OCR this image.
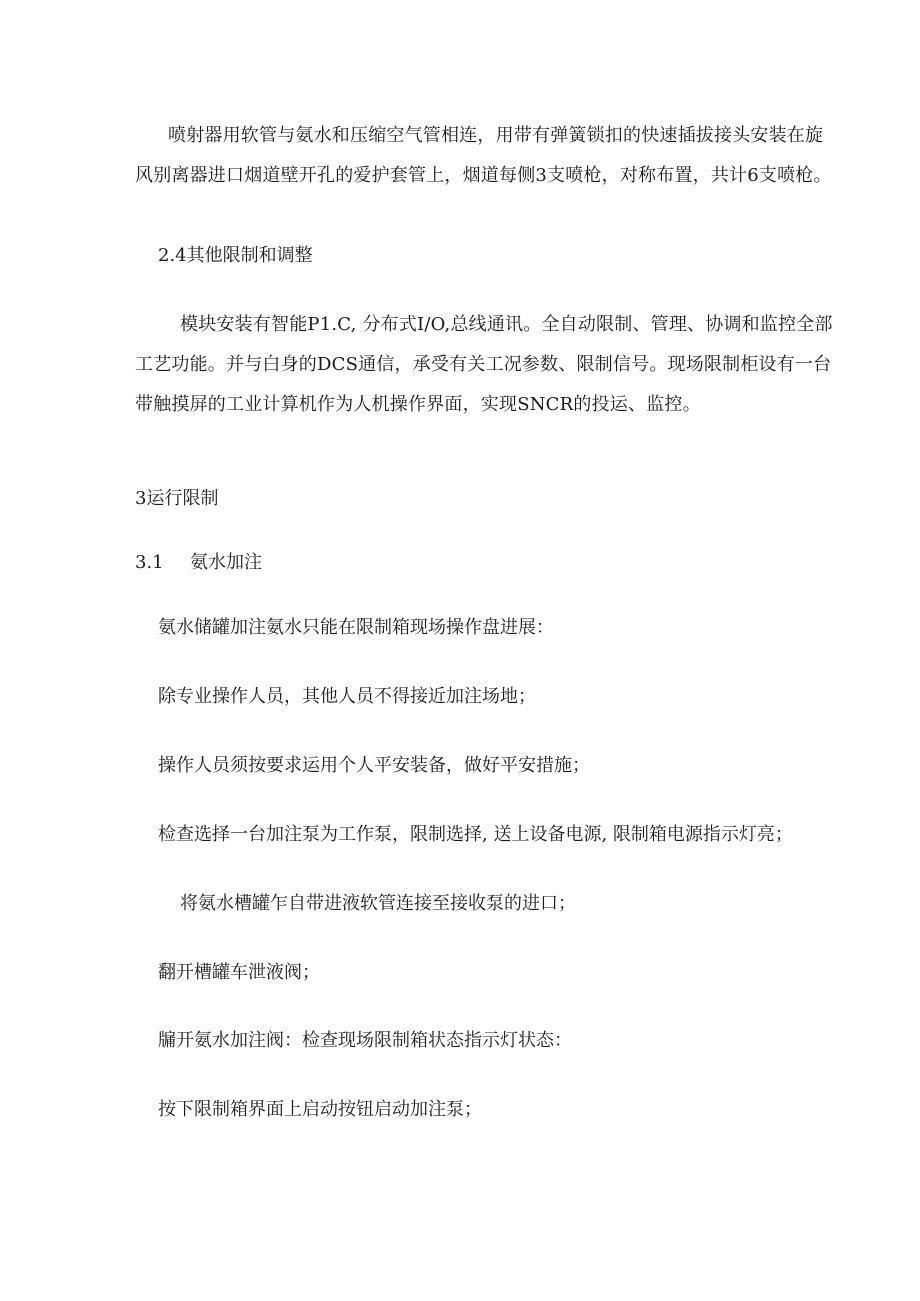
喷射器用软管与氨水和压缩空气管相连，用带有弹簧锁扣的快速插拔接头安装在旋
风别离器进口烟道壁开孔的爱护套管上，烟道每侧3支喷枪，对称布置，共计6支喷枪。

2.4其他限制和调整

模块安装有智能P1.C, 分布式I/O,总线通讯。全自动限制、管理、协调和监控全部
工艺功能。并与白身的DCS通信，承受有关工况参数、限制信号。现场限制柜设有一台
带触摸屏的工业计算机作为人机操作界面，实现SNCR的投运、监控。

3运行限制
3.1 氨水加注

氨水储罐加注氨水只能在限制箱现场操作盘进展：

除专业操作人员，其他人员不得接近加注场地；

操作人员须按要求运用个人平安装备，做好平安措施；

检查选择一台加注泵为工作泵，限制选择, 送上设备电源, 限制箱电源指示灯亮；

将氨水槽罐乍自带进液软管连接至接收泵的进口；

翻开槽罐车泄液阀；

牖开氨水加注阀：检查现场限制箱状态指示灯状态：

按下限制箱界面上启动按钮启动加注泵；
